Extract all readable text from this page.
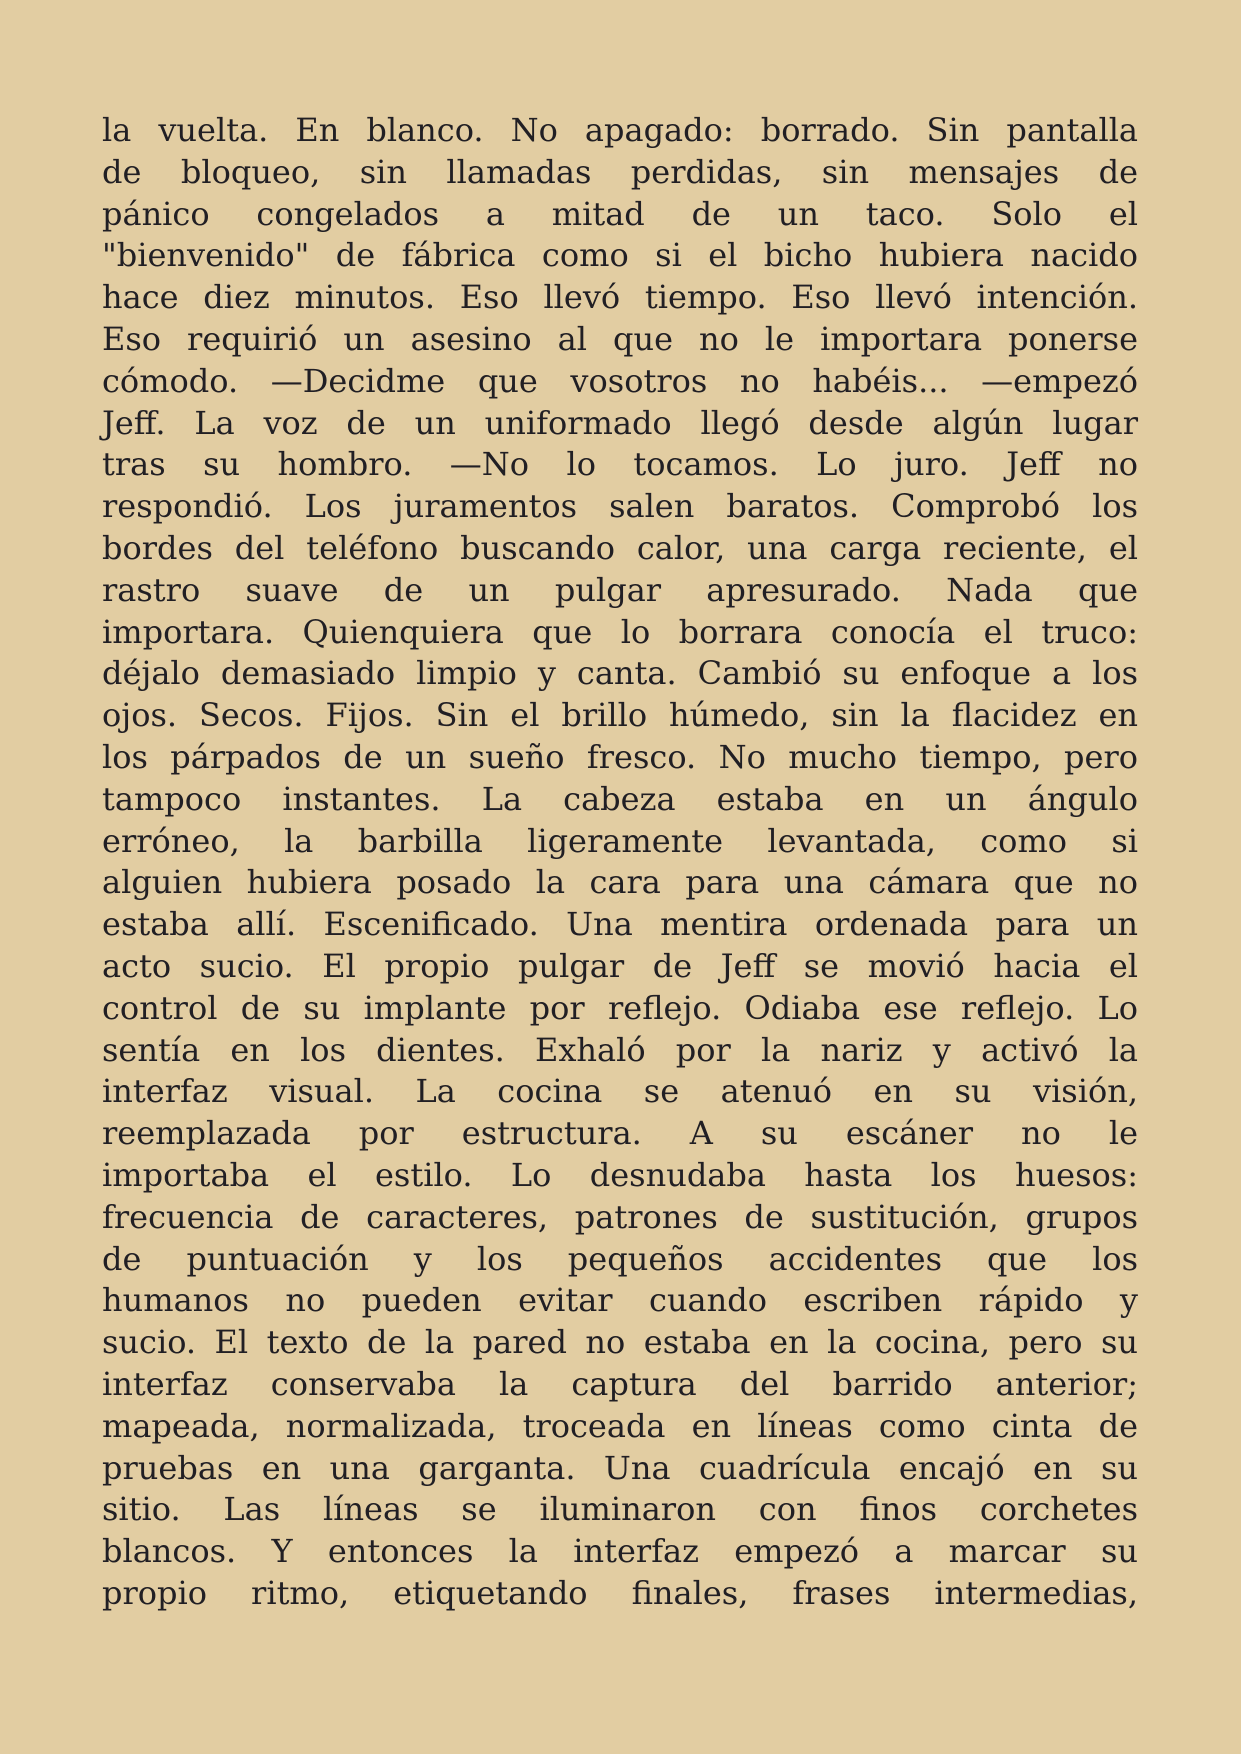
la vuelta. En blanco. No apagado: borrado. Sin pantalla
de bloqueo, sin llamadas perdidas, sin mensajes de
pánico congelados a mitad de un taco. Solo el
"bienvenido" de fábrica como si el bicho hubiera nacido
hace diez minutos. Eso llevó tiempo. Eso llevó intención.
Eso requirió un asesino al que no le importara ponerse
cómodo. —Decidme que vosotros no habéis... —empezó
Jeff. La voz de un uniformado llegó desde algún lugar
tras su hombro. —No lo tocamos. Lo juro. Jeff no
respondió. Los juramentos salen baratos. Comprobó los
bordes del teléfono buscando calor, una carga reciente, el
rastro suave de un pulgar apresurado. Nada que
importara. Quienquiera que lo borrara conocía el truco:
déjalo demasiado limpio y canta. Cambió su enfoque a los
ojos. Secos. Fijos. Sin el brillo húmedo, sin la flacidez en
los párpados de un sueño fresco. No mucho tiempo, pero
tampoco instantes. La cabeza estaba en un ángulo
erróneo, la barbilla ligeramente levantada, como si
alguien hubiera posado la cara para una cámara que no
estaba allí. Escenificado. Una mentira ordenada para un
acto sucio. El propio pulgar de Jeff se movió hacia el
control de su implante por reflejo. Odiaba ese reflejo. Lo
sentía en los dientes. Exhaló por la nariz y activó la
interfaz visual. La cocina se atenuó en su visión,
reemplazada por estructura. A su escáner no le
importaba el estilo. Lo desnudaba hasta los huesos:
frecuencia de caracteres, patrones de sustitución, grupos
de puntuación y los pequeños accidentes que los
humanos no pueden evitar cuando escriben rápido y
sucio. El texto de la pared no estaba en la cocina, pero su
interfaz conservaba la captura del barrido anterior;
mapeada, normalizada, troceada en líneas como cinta de
pruebas en una garganta. Una cuadrícula encajó en su
sitio. Las líneas se iluminaron con finos corchetes
blancos. Y entonces la interfaz empezó a marcar su
propio ritmo, etiquetando finales, frases intermedias,
